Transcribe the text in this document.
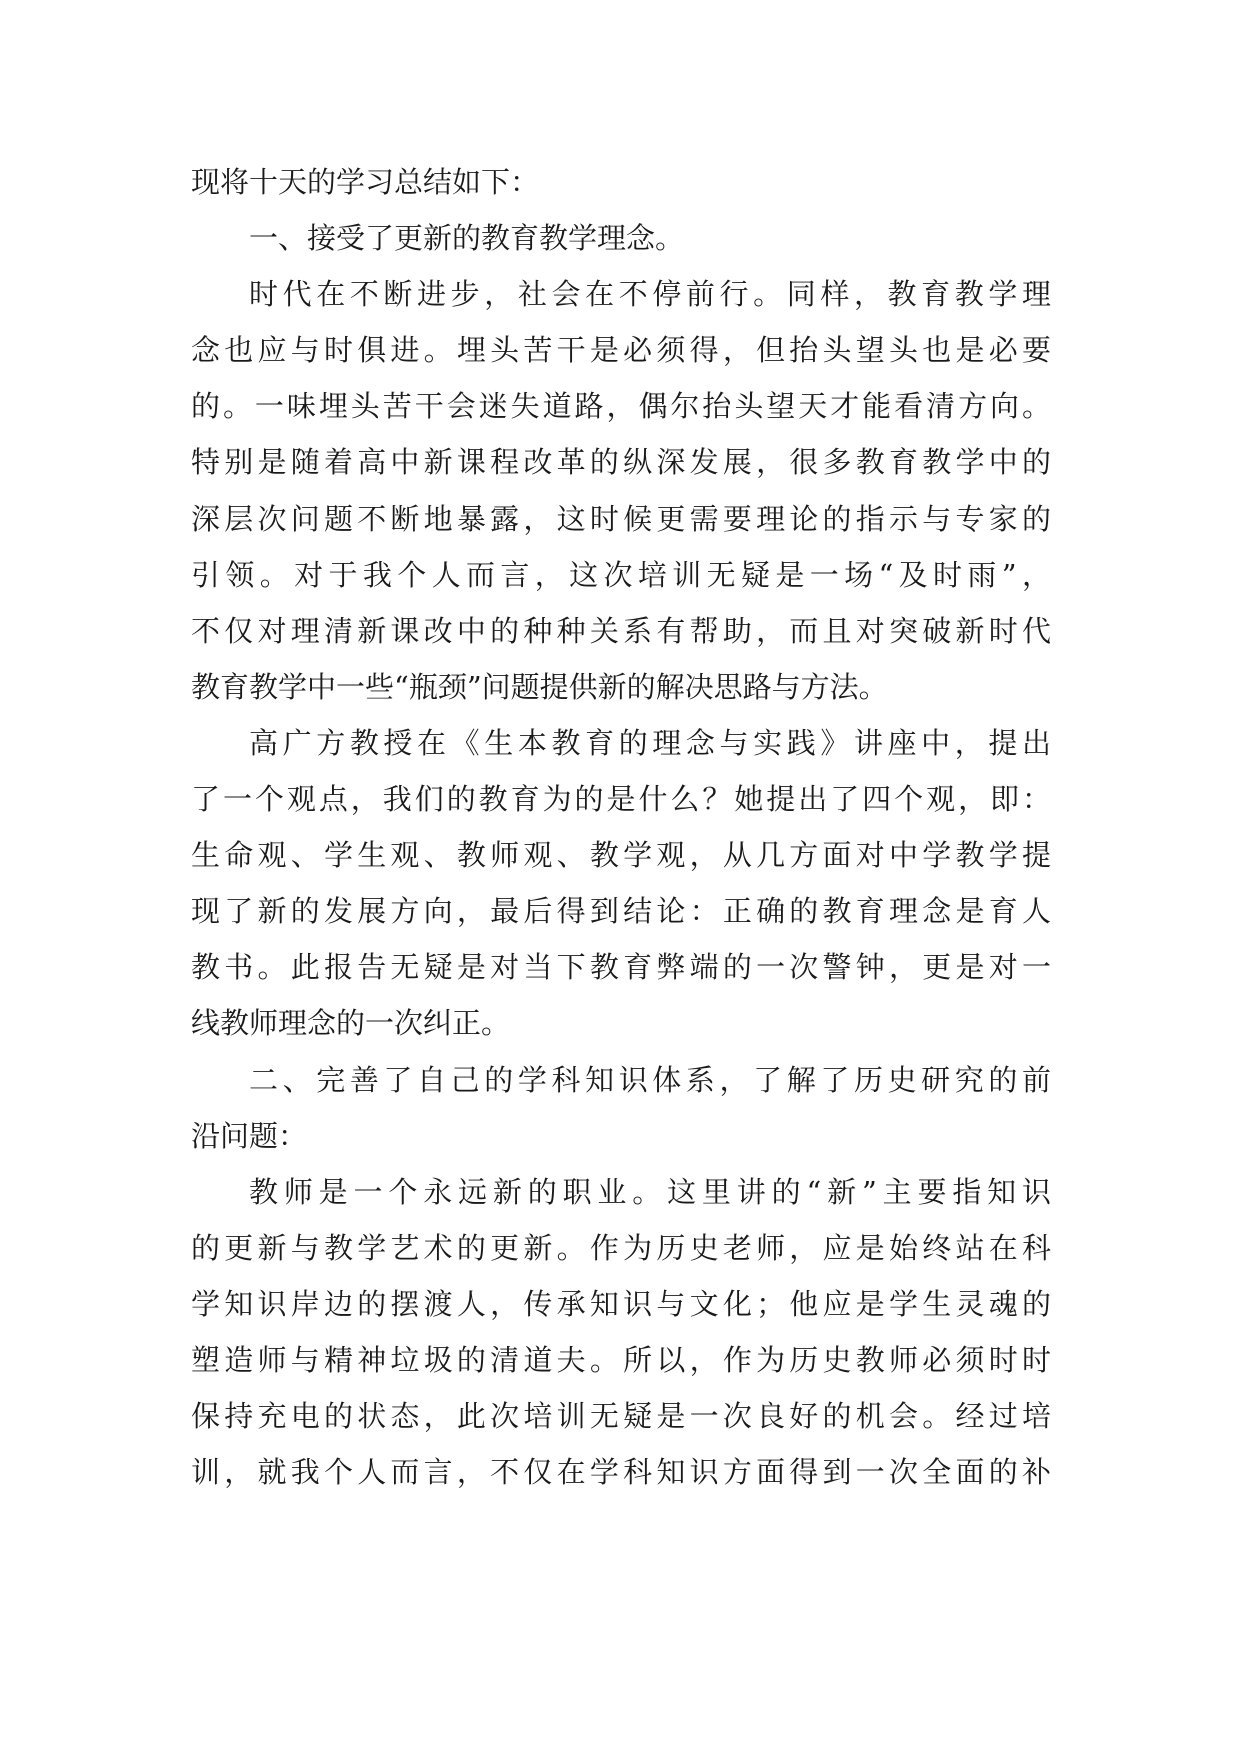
现将十天的学习总结如下：
一、接受了更新的教育教学理念。
时代在不断进步，社会在不停前行。同样，教育教学理
念也应与时俱进。埋头苦干是必须得，但抬头望头也是必要
的。一味埋头苦干会迷失道路，偶尔抬头望天才能看清方向。
特别是随着高中新课程改革的纵深发展，很多教育教学中的
深层次问题不断地暴露，这时候更需要理论的指示与专家的
引领。对于我个人而言，这次培训无疑是一场“及时雨”，
不仅对理清新课改中的种种关系有帮助，而且对突破新时代
教育教学中一些“瓶颈”问题提供新的解决思路与方法。
高广方教授在《生本教育的理念与实践》讲座中，提出
了一个观点，我们的教育为的是什么？她提出了四个观，即：
生命观、学生观、教师观、教学观，从几方面对中学教学提
现了新的发展方向，最后得到结论：正确的教育理念是育人
教书。此报告无疑是对当下教育弊端的一次警钟，更是对一
线教师理念的一次纠正。
二、完善了自己的学科知识体系，了解了历史研究的前
沿问题：
教师是一个永远新的职业。这里讲的“新”主要指知识
的更新与教学艺术的更新。作为历史老师，应是始终站在科
学知识岸边的摆渡人，传承知识与文化；他应是学生灵魂的
塑造师与精神垃圾的清道夫。所以，作为历史教师必须时时
保持充电的状态，此次培训无疑是一次良好的机会。经过培
训，就我个人而言，不仅在学科知识方面得到一次全面的补
